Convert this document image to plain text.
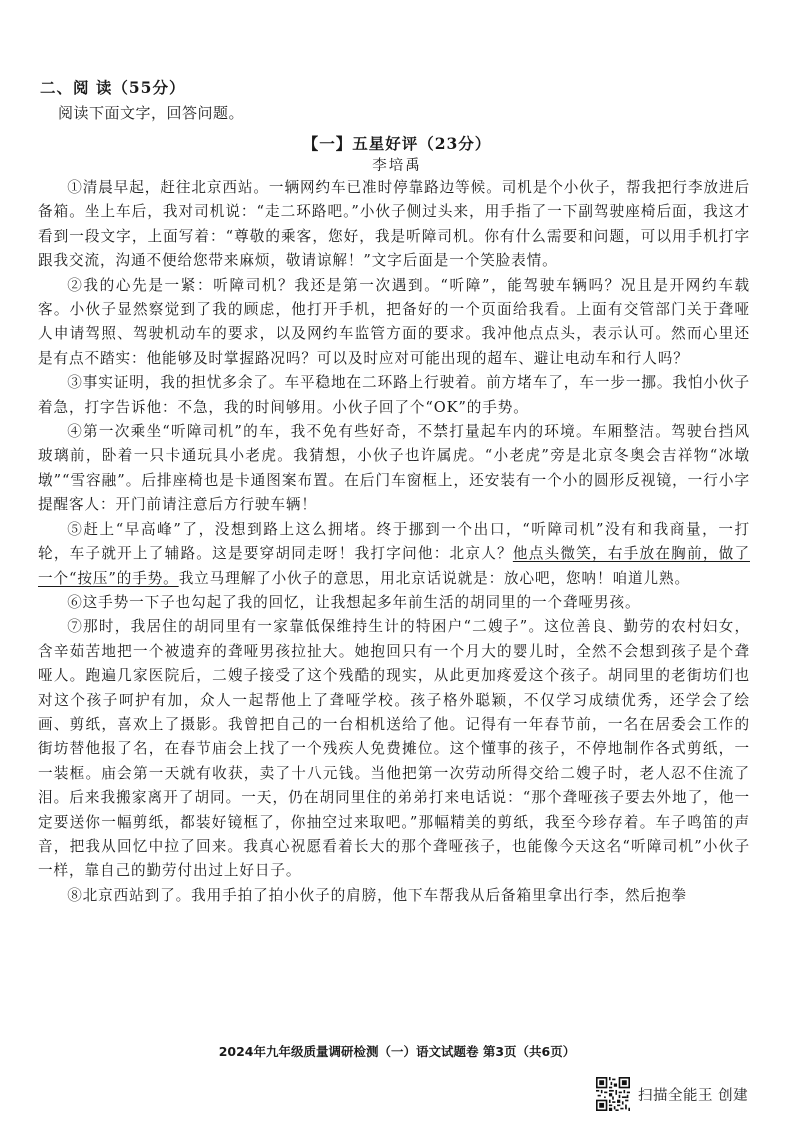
二、阅 读（55分）
阅读下面文字，回答问题。
【一】五星好评（23分）
李培禹

①清晨早起，赶往北京西站。一辆网约车已准时停靠路边等候。司机是个小伙子，帮我把行李放进后备箱。坐上车后，我对司机说：“走二环路吧。”小伙子侧过头来，用手指了一下副驾驶座椅后面，我这才看到一段文字，上面写着：“尊敬的乘客，您好，我是听障司机。你有什么需要和问题，可以用手机打字跟我交流，沟通不便给您带来麻烦，敬请谅解！”文字后面是一个笑脸表情。

②我的心先是一紧：听障司机？我还是第一次遇到。“听障”，能驾驶车辆吗？况且是开网约车载客。小伙子显然察觉到了我的顾虑，他打开手机，把备好的一个页面给我看。上面有交管部门关于聋哑人申请驾照、驾驶机动车的要求，以及网约车监管方面的要求。我冲他点点头，表示认可。然而心里还是有点不踏实：他能够及时掌握路况吗？可以及时应对可能出现的超车、避让电动车和行人吗？

③事实证明，我的担忧多余了。车平稳地在二环路上行驶着。前方堵车了，车一步一挪。我怕小伙子着急，打字告诉他：不急，我的时间够用。小伙子回了个“OK”的手势。

④第一次乘坐“听障司机”的车，我不免有些好奇，不禁打量起车内的环境。车厢整洁。驾驶台挡风玻璃前，卧着一只卡通玩具小老虎。我猜想，小伙子也许属虎。“小老虎”旁是北京冬奥会吉祥物“冰墩墩”“雪容融”。后排座椅也是卡通图案布置。在后门车窗框上，还安装有一个小的圆形反视镜，一行小字提醒客人：开门前请注意后方行驶车辆！

⑤赶上“早高峰”了，没想到路上这么拥堵。终于挪到一个出口，“听障司机”没有和我商量，一打轮，车子就开上了辅路。这是要穿胡同走呀！我打字问他：北京人？他点头微笑，右手放在胸前，做了一个“按压”的手势。我立马理解了小伙子的意思，用北京话说就是：放心吧，您呐！咱道儿熟。

⑥这手势一下子也勾起了我的回忆，让我想起多年前生活的胡同里的一个聋哑男孩。

⑦那时，我居住的胡同里有一家靠低保维持生计的特困户“二嫂子”。这位善良、勤劳的农村妇女，含辛茹苦地把一个被遗弃的聋哑男孩拉扯大。她抱回只有一个月大的婴儿时，全然不会想到孩子是个聋哑人。跑遍几家医院后，二嫂子接受了这个残酷的现实，从此更加疼爱这个孩子。胡同里的老街坊们也对这个孩子呵护有加，众人一起帮他上了聋哑学校。孩子格外聪颖，不仅学习成绩优秀，还学会了绘画、剪纸，喜欢上了摄影。我曾把自己的一台相机送给了他。记得有一年春节前，一名在居委会工作的街坊替他报了名，在春节庙会上找了一个残疾人免费摊位。这个懂事的孩子，不停地制作各式剪纸，一一装框。庙会第一天就有收获，卖了十八元钱。当他把第一次劳动所得交给二嫂子时，老人忍不住流了泪。后来我搬家离开了胡同。一天，仍在胡同里住的弟弟打来电话说：“那个聋哑孩子要去外地了，他一定要送你一幅剪纸，都装好镜框了，你抽空过来取吧。”那幅精美的剪纸，我至今珍存着。车子鸣笛的声音，把我从回忆中拉了回来。我真心祝愿看着长大的那个聋哑孩子，也能像今天这名“听障司机”小伙子一样，靠自己的勤劳付出过上好日子。

⑧北京西站到了。我用手拍了拍小伙子的肩膀，他下车帮我从后备箱里拿出行李，然后抱拳

2024年九年级质量调研检测（一）语文试题卷 第3页（共6页）
扫描全能王 创建
